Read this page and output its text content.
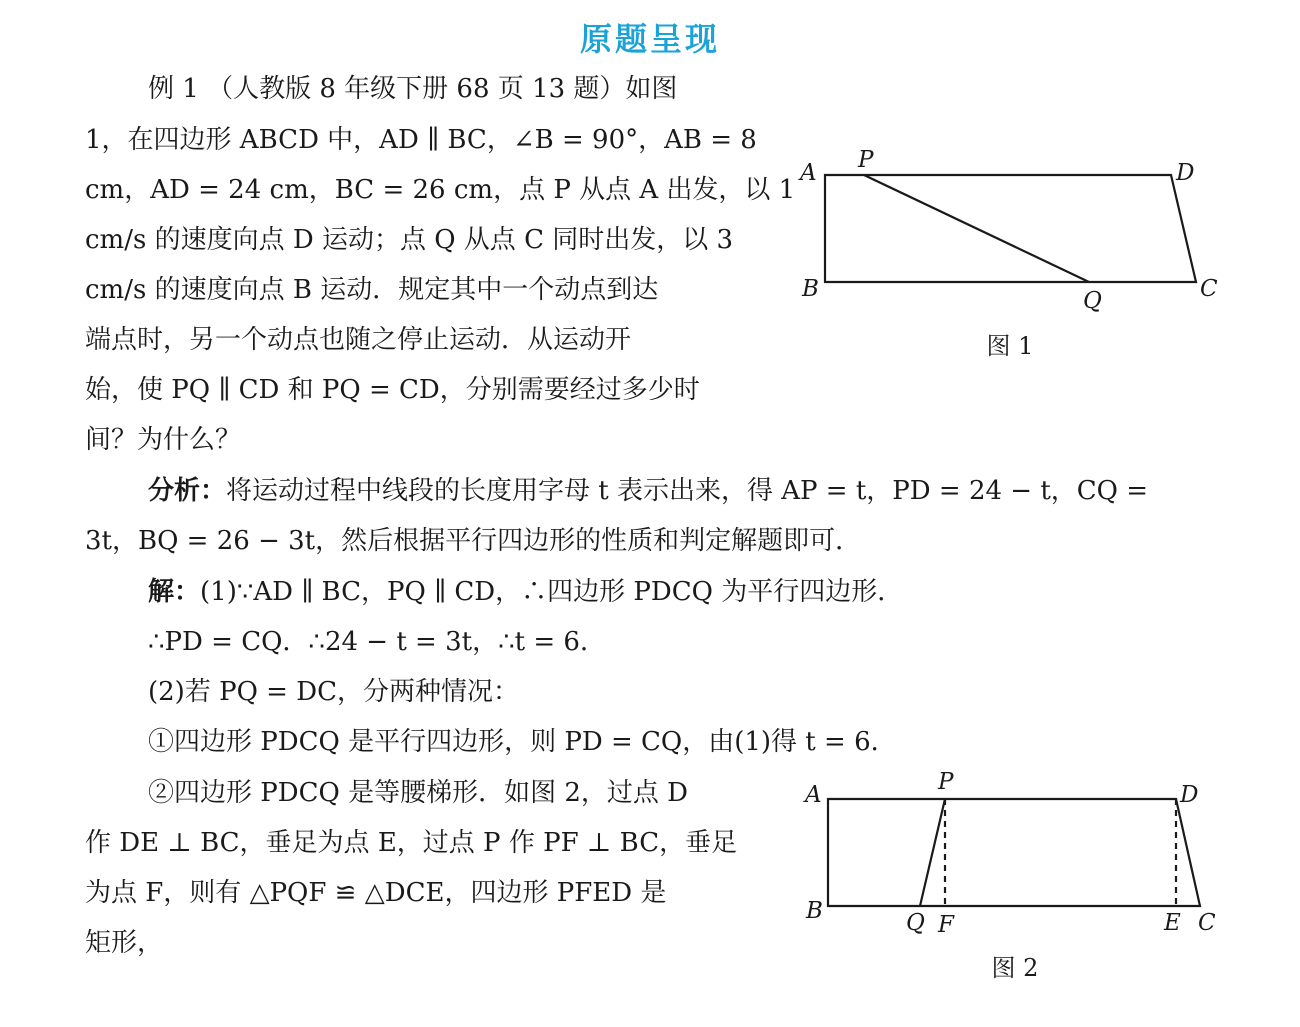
原题呈现
例 1 （人教版 8 年级下册 68 页 13 题）如图
1，在四边形 ABCD 中，AD ∥ BC，∠B = 90°，AB = 8
cm，AD = 24 cm，BC = 26 cm，点 P 从点 A 出发，以 1
cm/s 的速度向点 D 运动；点 Q 从点 C 同时出发，以 3
cm/s 的速度向点 B 运动．规定其中一个动点到达
端点时，另一个动点也随之停止运动．从运动开
始，使 PQ ∥ CD 和 PQ = CD，分别需要经过多少时
间？为什么？
分析：将运动过程中线段的长度用字母 t 表示出来，得 AP = t，PD = 24 − t，CQ =
3t，BQ = 26 − 3t，然后根据平行四边形的性质和判定解题即可．
解：(1)∵AD ∥ BC，PQ ∥ CD，∴四边形 PDCQ 为平行四边形．
∴PD = CQ．∴24 − t = 3t，∴t = 6．
(2)若 PQ = DC，分两种情况：
①四边形 PDCQ 是平行四边形，则 PD = CQ，由(1)得 t = 6．
②四边形 PDCQ 是等腰梯形．如图 2，过点 D
作 DE ⊥ BC，垂足为点 E，过点 P 作 PF ⊥ BC，垂足
为点 F，则有 △PQF ≌ △DCE，四边形 PFED 是
矩形，
A P	D
B	Q	C
A	P	D
B	Q F	E C
图 1
图 2
